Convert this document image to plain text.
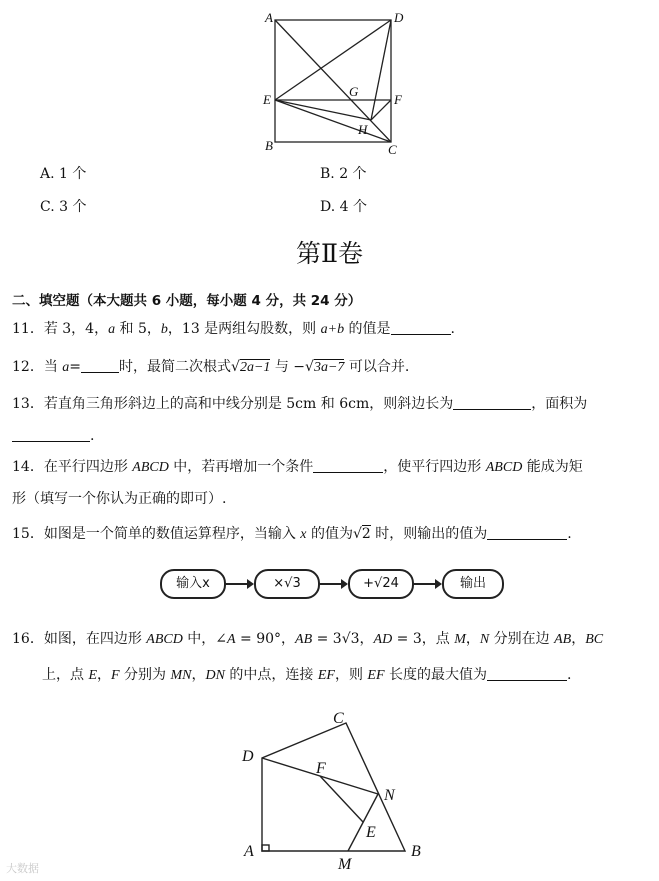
A	D
E
G
F
H
B	C
A. 1 个	B. 2 个
C. 3 个	D. 4 个
第Ⅱ卷
二、填空题（本大题共 6 小题，每小题 4 分，共 24 分）
11．若 3，4，a 和 5，b，13 是两组勾股数，则 a+b 的值是	.
12．当 a=	时，最简二次根式√2a−1 与 −√3a−7 可以合并.
13．若直角三角形斜边上的高和中线分别是 5cm 和 6cm，则斜边长为	，面积为
.
14．在平行四边形 ABCD 中，若再增加一个条件	，使平行四边形 ABCD 能成为矩
形（填写一个你认为正确的即可）.
15．如图是一个简单的数值运算程序，当输入 x 的值为√2 时，则输出的值为	.
输入x	×√3	+√24	输出
16．如图，在四边形 ABCD 中，∠A = 90°，AB = 3√3，AD = 3，点 M，N 分别在边 AB，BC
上，点 E，F 分别为 MN，DN 的中点，连接 EF，则 EF 长度的最大值为	.
C
D
F
N
E
A
M
B
大数据
